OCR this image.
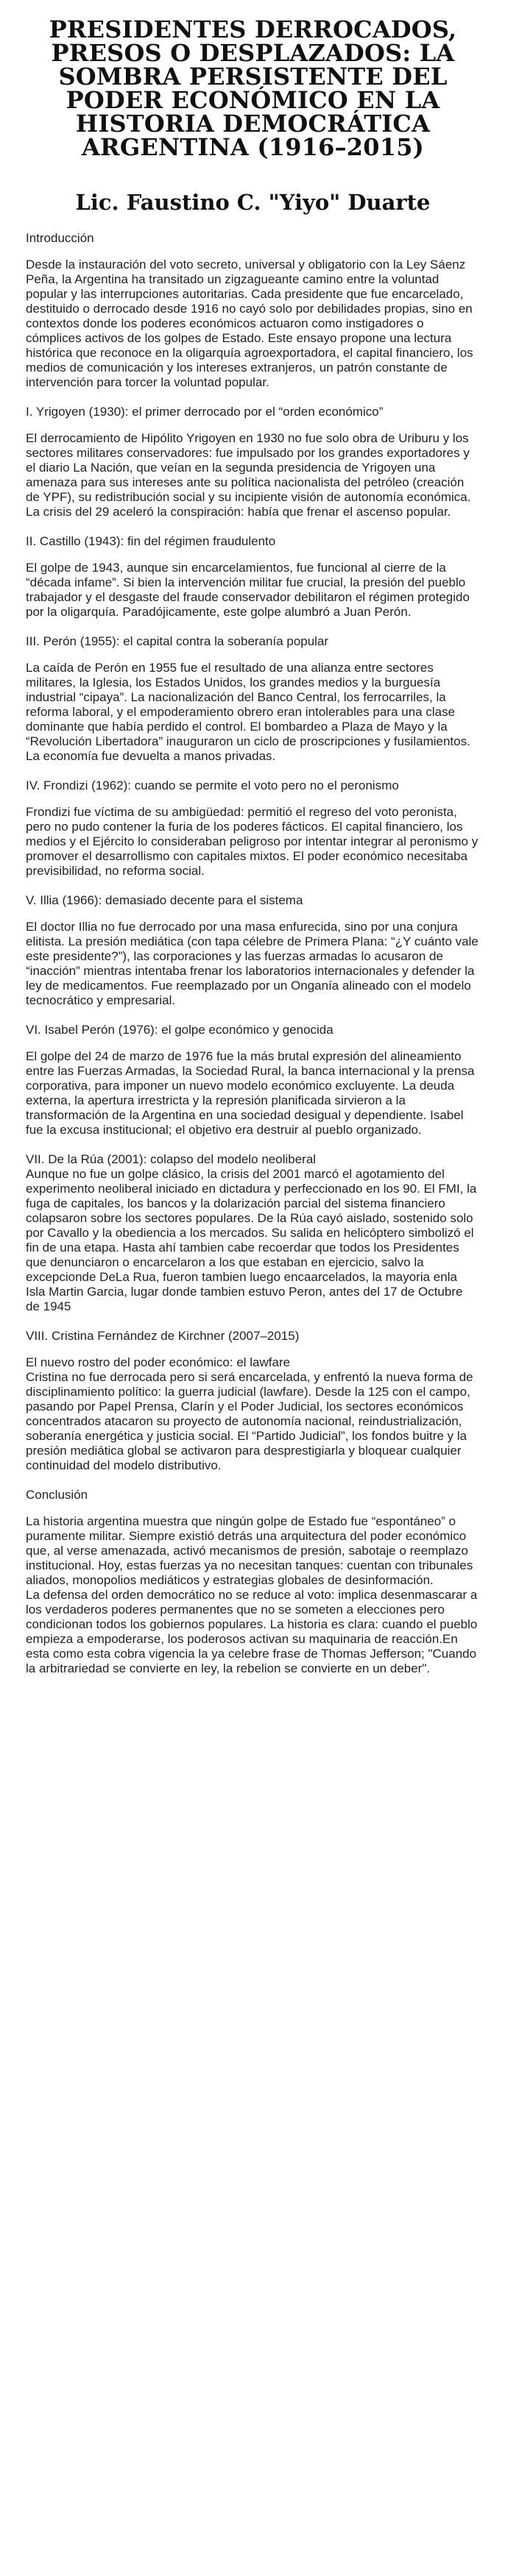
PRESIDENTES DERROCADOS, PRESOS O DESPLAZADOS: LA SOMBRA PERSISTENTE DEL PODER ECONÓMICO EN LA HISTORIA DEMOCRÁTICA ARGENTINA (1916–2015)
Lic. Faustino C. "Yiyo" Duarte
Introducción

Desde la instauración del voto secreto, universal y obligatorio con la Ley Sáenz Peña, la Argentina ha transitado un zigzagueante camino entre la voluntad popular y las interrupciones autoritarias. Cada presidente que fue encarcelado, destituido o derrocado desde 1916 no cayó solo por debilidades propias, sino en contextos donde los poderes económicos actuaron como instigadores o cómplices activos de los golpes de Estado. Este ensayo propone una lectura histórica que reconoce en la oligarquía agroexportadora, el capital financiero, los medios de comunicación y los intereses extranjeros, un patrón constante de intervención para torcer la voluntad popular.

I. Yrigoyen (1930): el primer derrocado por el “orden económico”

El derrocamiento de Hipólito Yrigoyen en 1930 no fue solo obra de Uriburu y los sectores militares conservadores: fue impulsado por los grandes exportadores y el diario La Nación, que veían en la segunda presidencia de Yrigoyen una amenaza para sus intereses ante su política nacionalista del petróleo (creación de YPF), su redistribución social y su incipiente visión de autonomía económica. La crisis del 29 aceleró la conspiración: había que frenar el ascenso popular.

II. Castillo (1943): fin del régimen fraudulento

El golpe de 1943, aunque sin encarcelamientos, fue funcional al cierre de la “década infame”. Si bien la intervención militar fue crucial, la presión del pueblo trabajador y el desgaste del fraude conservador debilitaron el régimen protegido por la oligarquía. Paradójicamente, este golpe alumbró a Juan Perón.

III. Perón (1955): el capital contra la soberanía popular

La caída de Perón en 1955 fue el resultado de una alianza entre sectores militares, la Iglesia, los Estados Unidos, los grandes medios y la burguesía industrial “cipaya”. La nacionalización del Banco Central, los ferrocarriles, la reforma laboral, y el empoderamiento obrero eran intolerables para una clase dominante que había perdido el control. El bombardeo a Plaza de Mayo y la “Revolución Libertadora” inauguraron un ciclo de proscripciones y fusilamientos. La economía fue devuelta a manos privadas.

IV. Frondizi (1962): cuando se permite el voto pero no el peronismo

Frondizi fue víctima de su ambigüedad: permitió el regreso del voto peronista, pero no pudo contener la furia de los poderes fácticos. El capital financiero, los medios y el Ejército lo consideraban peligroso por intentar integrar al peronismo y promover el desarrollismo con capitales mixtos. El poder económico necesitaba previsibilidad, no reforma social.

V. Illia (1966): demasiado decente para el sistema

El doctor Illia no fue derrocado por una masa enfurecida, sino por una conjura elitista. La presión mediática (con tapa célebre de Primera Plana: “¿Y cuánto vale este presidente?”), las corporaciones y las fuerzas armadas lo acusaron de “inacción” mientras intentaba frenar los laboratorios internacionales y defender la ley de medicamentos. Fue reemplazado por un Onganía alineado con el modelo tecnocrático y empresarial.

VI. Isabel Perón (1976): el golpe económico y genocida

El golpe del 24 de marzo de 1976 fue la más brutal expresión del alineamiento entre las Fuerzas Armadas, la Sociedad Rural, la banca internacional y la prensa corporativa, para imponer un nuevo modelo económico excluyente. La deuda externa, la apertura irrestricta y la represión planificada sirvieron a la transformación de la Argentina en una sociedad desigual y dependiente. Isabel fue la excusa institucional; el objetivo era destruir al pueblo organizado.

VII. De la Rúa (2001): colapso del modelo neoliberal
Aunque no fue un golpe clásico, la crisis del 2001 marcó el agotamiento del experimento neoliberal iniciado en dictadura y perfeccionado en los 90. El FMI, la fuga de capitales, los bancos y la dolarización parcial del sistema financiero colapsaron sobre los sectores populares. De la Rúa cayó aislado, sostenido solo por Cavallo y la obediencia a los mercados. Su salida en helicóptero simbolizó el fin de una etapa. Hasta ahí tambien cabe recoerdar que todos los Presidentes que denunciaron o encarcelaron a los que estaban en ejercicio, salvo la excepcionde DeLa Rua, fueron tambien luego encaarcelados, la mayoria enla Isla Martin Garcia, lugar donde tambien estuvo Peron, antes del 17 de Octubre de 1945

VIII. Cristina Fernández de Kirchner (2007–2015)

El nuevo rostro del poder económico: el lawfare
Cristina no fue derrocada pero si será encarcelada, y enfrentó la nueva forma de disciplinamiento político: la guerra judicial (lawfare). Desde la 125 con el campo, pasando por Papel Prensa, Clarín y el Poder Judicial, los sectores económicos concentrados atacaron su proyecto de autonomía nacional, reindustrialización, soberanía energética y justicia social. El “Partido Judicial”, los fondos buitre y la presión mediática global se activaron para desprestigiarla y bloquear cualquier continuidad del modelo distributivo.

Conclusión

La historia argentina muestra que ningún golpe de Estado fue “espontáneo” o puramente militar. Siempre existió detrás una arquitectura del poder económico que, al verse amenazada, activó mecanismos de presión, sabotaje o reemplazo institucional. Hoy, estas fuerzas ya no necesitan tanques: cuentan con tribunales aliados, monopolios mediáticos y estrategias globales de desinformación.
La defensa del orden democrático no se reduce al voto: implica desenmascarar a los verdaderos poderes permanentes que no se someten a elecciones pero condicionan todos los gobiernos populares. La historia es clara: cuando el pueblo empieza a empoderarse, los poderosos activan su maquinaria de reacción.En esta como esta cobra vigencia la ya celebre frase de Thomas Jefferson; "Cuando la arbitrariedad se convierte en ley, la rebelion se convierte en un deber".
